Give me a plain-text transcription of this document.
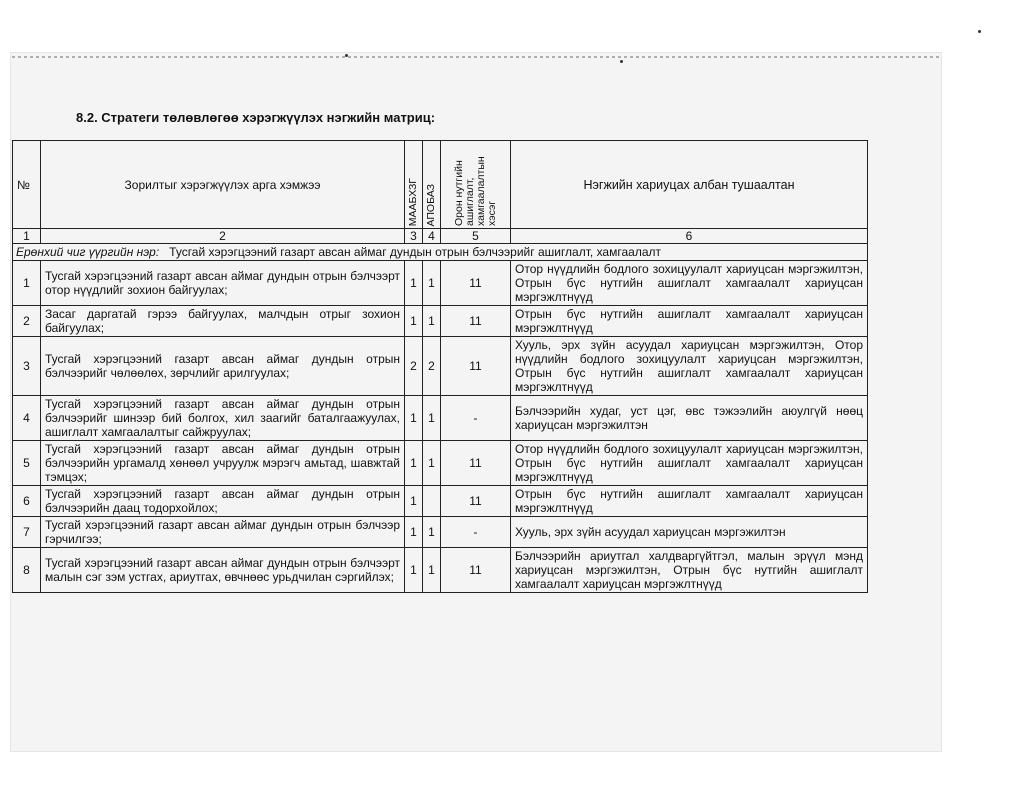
8.2. Стратеги төлөвлөгөө хэрэгжүүлэх нэгжийн матриц:
№	Зорилтыг хэрэгжүүлэх арга хэмжээ	МААБХЗГ	АПОБАЗ	Орон нутгийн ашиглалт, хамгаалалтын хэсэг	Нэгжийн хариуцах албан тушаалтан
1	2	3	4	5	6
Ерөнхий чиг үүргийн нэр: Тусгай хэрэгцээний газарт авсан аймаг дундын отрын бэлчээрийг ашиглалт, хамгаалалт					
1	Тусгай хэрэгцээний газарт авсан аймаг дундын отрын бэлчээрт отор нүүдлийг зохион байгуулах;	1	1	11	Отор нүүдлийн бодлого зохицуулалт хариуцсан мэргэжилтэн, Отрын бүс нутгийн ашиглалт хамгаалалт хариуцсан мэргэжлтнүүд
2	Засаг даргатай гэрээ байгуулах, малчдын отрыг зохион байгуулах;	1	1	11	Отрын бүс нутгийн ашиглалт хамгаалалт хариуцсан мэргэжлтнүүд
3	Тусгай хэрэгцээний газарт авсан аймаг дундын отрын бэлчээрийг чөлөөлөх, зөрчлийг арилгуулах;	2	2	11	Хууль, эрх зүйн асуудал хариуцсан мэргэжилтэн, Отор нүүдлийн бодлого зохицуулалт хариуцсан мэргэжилтэн, Отрын бүс нутгийн ашиглалт хамгаалалт хариуцсан мэргэжлтнүүд
4	Тусгай хэрэгцээний газарт авсан аймаг дундын отрын бэлчээрийг шинээр бий болгох, хил заагийг баталгаажуулах, ашиглалт хамгаалалтыг сайжруулах;	1	1	-	Бэлчээрийн худаг, уст цэг, өвс тэжээлийн аюулгүй нөөц хариуцсан мэргэжилтэн
5	Тусгай хэрэгцээний газарт авсан аймаг дундын отрын бэлчээрийн ургамалд хөнөөл учруулж мэрэгч амьтад, шавжтай тэмцэх;	1	1	11	Отор нүүдлийн бодлого зохицуулалт хариуцсан мэргэжилтэн, Отрын бүс нутгийн ашиглалт хамгаалалт хариуцсан мэргэжлтнүүд
6	Тусгай хэрэгцээний газарт авсан аймаг дундын отрын бэлчээрийн даац тодорхойлох;	1		11	Отрын бүс нутгийн ашиглалт хамгаалалт хариуцсан мэргэжлтнүүд
7	Тусгай хэрэгцээний газарт авсан аймаг дундын отрын бэлчээр гэрчилгээ;	1	1	-	Хууль, эрх зүйн асуудал хариуцсан мэргэжилтэн
8	Тусгай хэрэгцээний газарт авсан аймаг дундын отрын бэлчээрт малын сэг зэм устгах, ариутгах, өвчнөөс урьдчилан сэргийлэх;	1	1	11	Бэлчээрийн ариутгал халдваргүйтгэл, малын эрүүл мэнд хариуцсан мэргэжилтэн, Отрын бүс нутгийн ашиглалт хамгаалалт хариуцсан мэргэжлтнүүд
